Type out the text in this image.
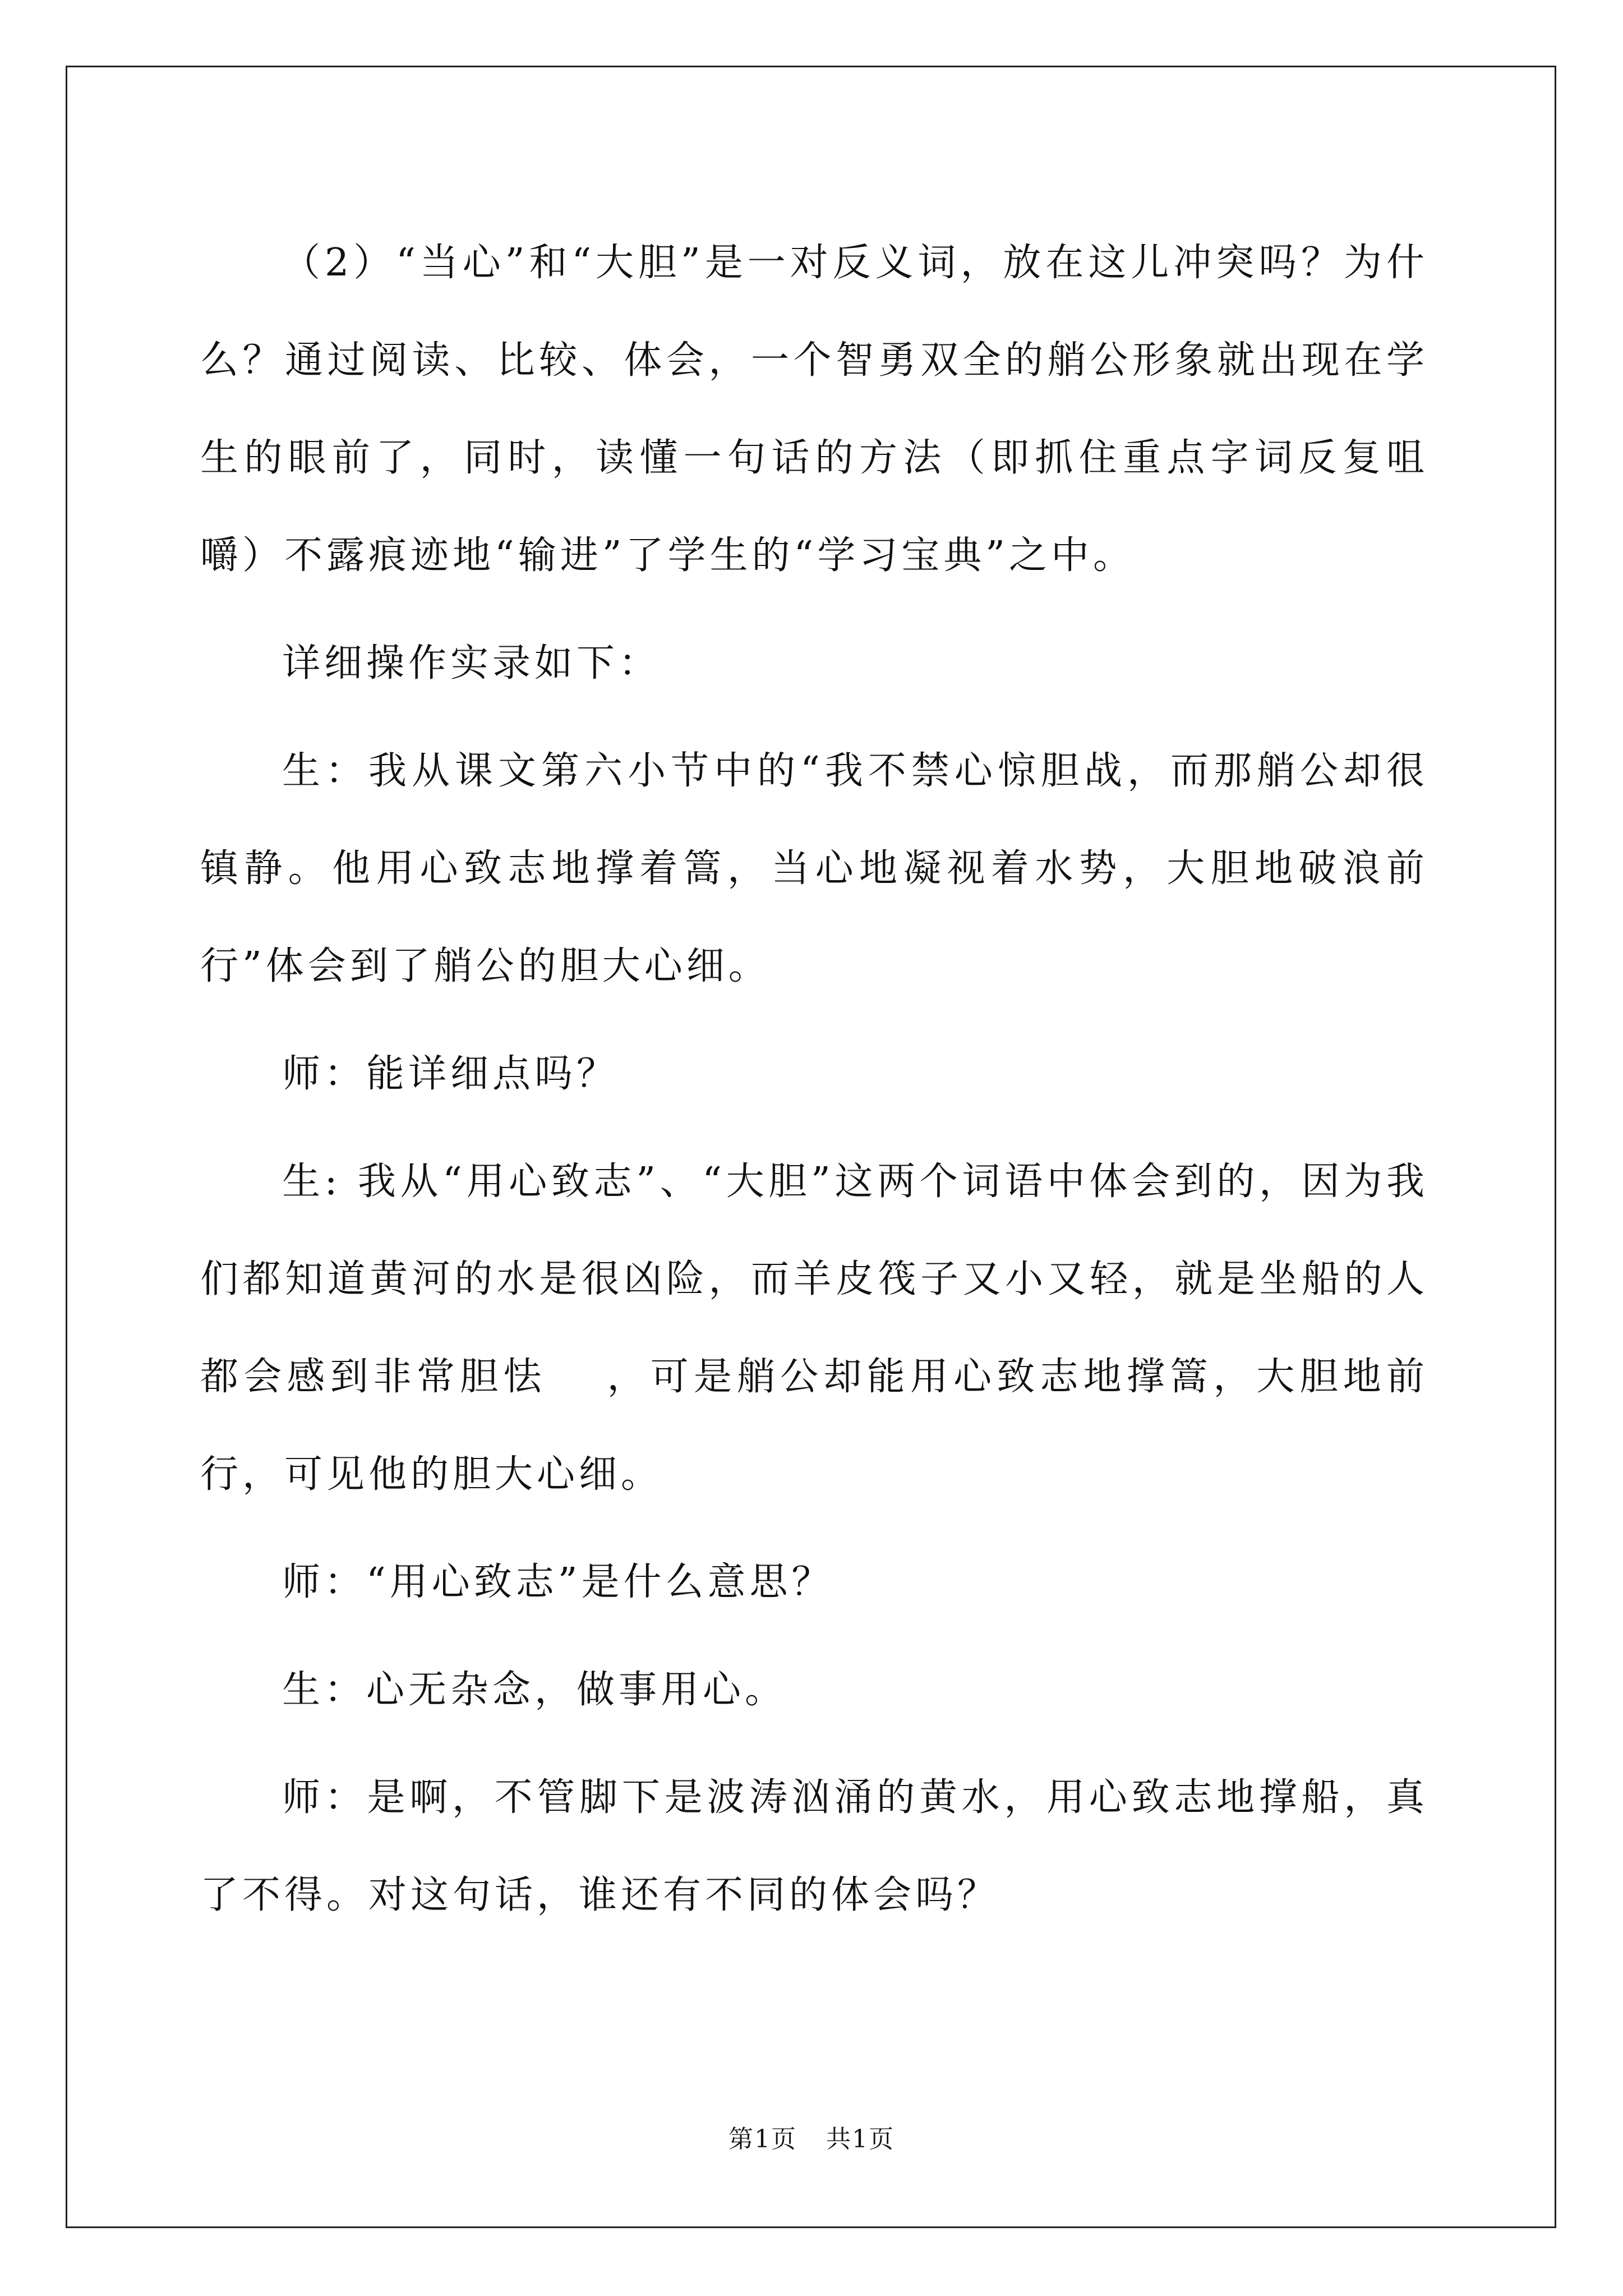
（2）“当心”和“大胆”是一对反义词，放在这儿冲突吗？为什么？通过阅读、比较、体会，一个智勇双全的艄公形象就出现在学生的眼前了，同时，读懂一句话的方法（即抓住重点字词反复咀嚼）不露痕迹地“输进”了学生的“学习宝典”之中。

详细操作实录如下：

生：我从课文第六小节中的“我不禁心惊胆战，而那艄公却很镇静。他用心致志地撑着篙，当心地凝视着水势，大胆地破浪前行”体会到了艄公的胆大心细。

师：能详细点吗？

生: 我从“用心致志”、“大胆”这两个词语中体会到的，因为我们都知道黄河的水是很凶险，而羊皮筏子又小又轻，就是坐船的人都会感到非常胆怯　 ，可是艄公却能用心致志地撑篙，大胆地前行，可见他的胆大心细。

师：“用心致志”是什么意思？

生：心无杂念，做事用心。

师：是啊，不管脚下是波涛汹涌的黄水，用心致志地撑船，真了不得。对这句话，谁还有不同的体会吗？

第1页 共1页
